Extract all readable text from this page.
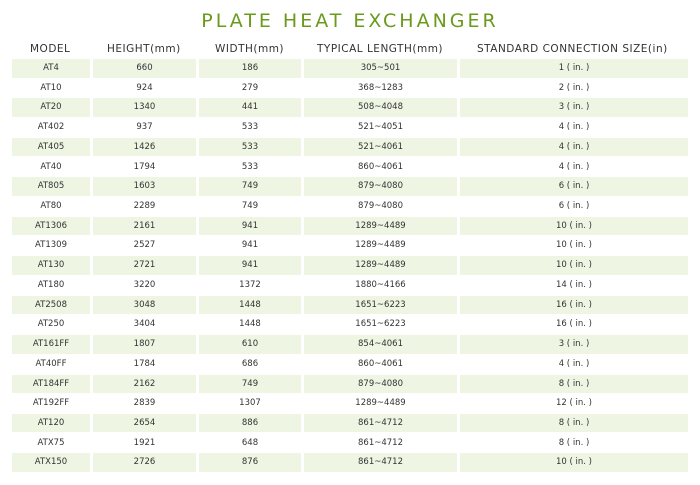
PLATE HEAT EXCHANGER
MODEL	HEIGHT(mm)	WIDTH(mm)	TYPICAL LENGTH(mm)	STANDARD CONNECTION SIZE(in)
AT4	660	186	305~501	1 ( in. )
AT10	924	279	368~1283	2 ( in. )
AT20	1340	441	508~4048	3 ( in. )
AT402	937	533	521~4051	4 ( in. )
AT405	1426	533	521~4061	4 ( in. )
AT40	1794	533	860~4061	4 ( in. )
AT805	1603	749	879~4080	6 ( in. )
AT80	2289	749	879~4080	6 ( in. )
AT1306	2161	941	1289~4489	10 ( in. )
AT1309	2527	941	1289~4489	10 ( in. )
AT130	2721	941	1289~4489	10 ( in. )
AT180	3220	1372	1880~4166	14 ( in. )
AT2508	3048	1448	1651~6223	16 ( in. )
AT250	3404	1448	1651~6223	16 ( in. )
AT161FF	1807	610	854~4061	3 ( in. )
AT40FF	1784	686	860~4061	4 ( in. )
AT184FF	2162	749	879~4080	8 ( in. )
AT192FF	2839	1307	1289~4489	12 ( in. )
AT120	2654	886	861~4712	8 ( in. )
ATX75	1921	648	861~4712	8 ( in. )
ATX150	2726	876	861~4712	10 ( in. )
